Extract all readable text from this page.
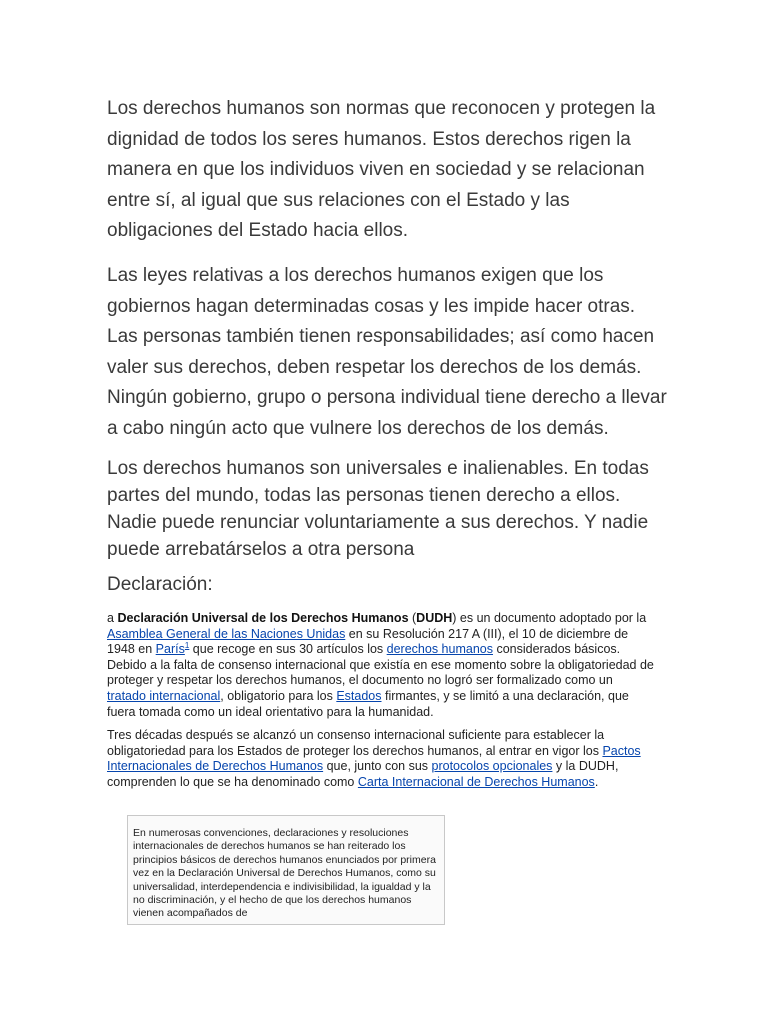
Los derechos humanos son normas que reconocen y protegen la dignidad de todos los seres humanos. Estos derechos rigen la manera en que los individuos viven en sociedad y se relacionan entre sí, al igual que sus relaciones con el Estado y las obligaciones del Estado hacia ellos.

Las leyes relativas a los derechos humanos exigen que los gobiernos hagan determinadas cosas y les impide hacer otras. Las personas también tienen responsabilidades; así como hacen valer sus derechos, deben respetar los derechos de los demás. Ningún gobierno, grupo o persona individual tiene derecho a llevar a cabo ningún acto que vulnere los derechos de los demás.

Los derechos humanos son universales e inalienables. En todas partes del mundo, todas las personas tienen derecho a ellos. Nadie puede renunciar voluntariamente a sus derechos. Y nadie puede arrebatárselos a otra persona

Declaración:

a Declaración Universal de los Derechos Humanos (DUDH) es un documento adoptado por la Asamblea General de las Naciones Unidas en su Resolución 217 A (III), el 10 de diciembre de 1948 en París$^1$ que recoge en sus 30 artículos los derechos humanos considerados básicos. Debido a la falta de consenso internacional que existía en ese momento sobre la obligatoriedad de proteger y respetar los derechos humanos, el documento no logró ser formalizado como un tratado internacional, obligatorio para los Estados firmantes, y se limitó a una declaración, que fuera tomada como un ideal orientativo para la humanidad.

Tres décadas después se alcanzó un consenso internacional suficiente para establecer la obligatoriedad para los Estados de proteger los derechos humanos, al entrar en vigor los Pactos Internacionales de Derechos Humanos que, junto con sus protocolos opcionales y la DUDH, comprenden lo que se ha denominado como Carta Internacional de Derechos Humanos.

En numerosas convenciones, declaraciones y resoluciones internacionales de derechos humanos se han reiterado los principios básicos de derechos humanos enunciados por primera vez en la Declaración Universal de Derechos Humanos, como su universalidad, interdependencia e indivisibilidad, la igualdad y la no discriminación, y el hecho de que los derechos humanos vienen acompañados de
